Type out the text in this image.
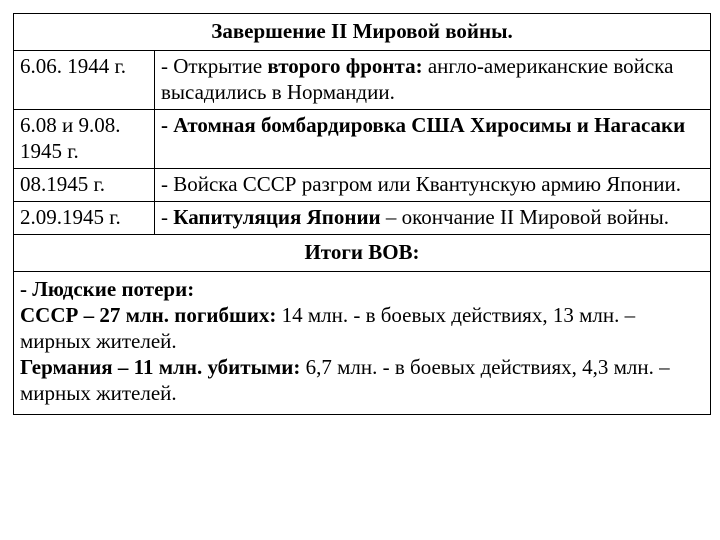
Завершение II Мировой войны.	
6.06. 1944 г.	- Открытие второго фронта: англо-американские войска высадились в Нормандии.
6.08 и 9.08. 1945 г.	- Атомная бомбардировка США Хиросимы и Нагасаки
08.1945 г.	- Войска СССР разгром или Квантунскую армию Японии.
2.09.1945 г.	- Капитуляция Японии – окончание II Мировой войны.
Итоги ВОВ:	

- Людские потери:
СССР – 27 млн. погибших: 14 млн. - в боевых действиях, 13 млн. – мирных жителей.
Германия – 11 млн. убитыми: 6,7 млн. - в боевых действиях, 4,3 млн. – мирных жителей.	
